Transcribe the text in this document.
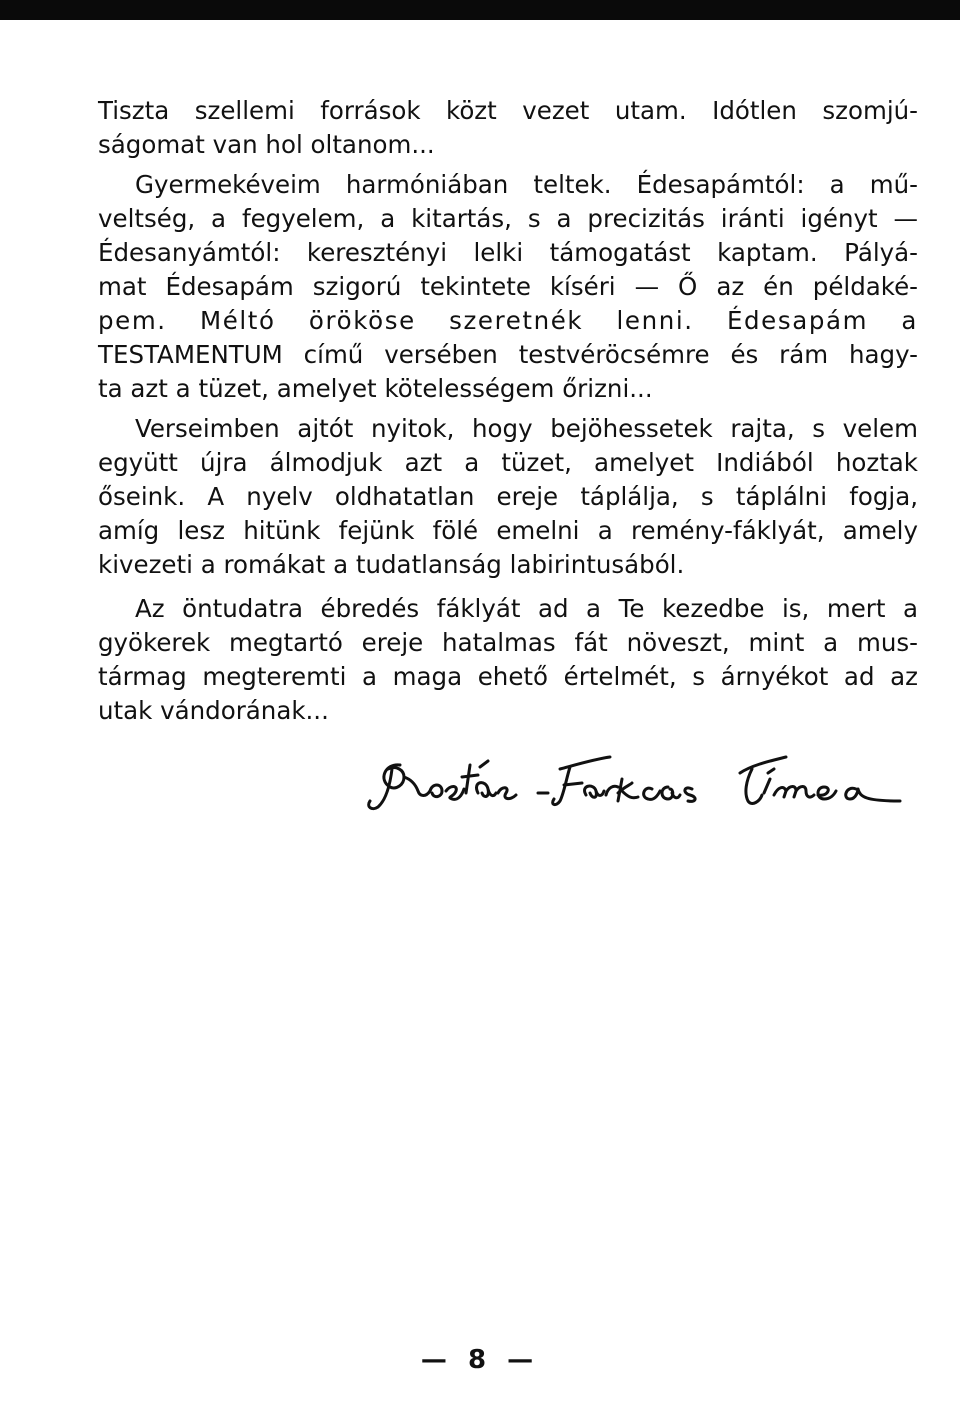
Tiszta szellemi források közt vezet utam. Idótlen szomjú-
ságomat van hol oltanom...
Gyermekéveim harmóniában teltek. Édesapámtól: a mű-
veltség, a fegyelem, a kitartás, s a precizitás iránti igényt —
Édesanyámtól: keresztényi lelki támogatást kaptam. Pályá-
mat Édesapám szigorú tekintete kíséri — Ő az én példaké-
pem. Méltó örököse szeretnék lenni. Édesapám a
TESTAMENTUM című versében testvéröcsémre és rám hagy-
ta azt a tüzet, amelyet kötelességem őrizni...
Verseimben ajtót nyitok, hogy bejöhessetek rajta, s velem
együtt újra álmodjuk azt a tüzet, amelyet Indiából hoztak
őseink. A nyelv oldhatatlan ereje táplálja, s táplálni fogja,
amíg lesz hitünk fejünk fölé emelni a remény-fáklyát, amely
kivezeti a romákat a tudatlanság labirintusából.
Az öntudatra ébredés fáklyát ad a Te kezedbe is, mert a
gyökerek megtartó ereje hatalmas fát növeszt, mint a mus-
tármag megteremti a maga ehető értelmét, s árnyékot ad az
utak vándorának...
— 8 —
